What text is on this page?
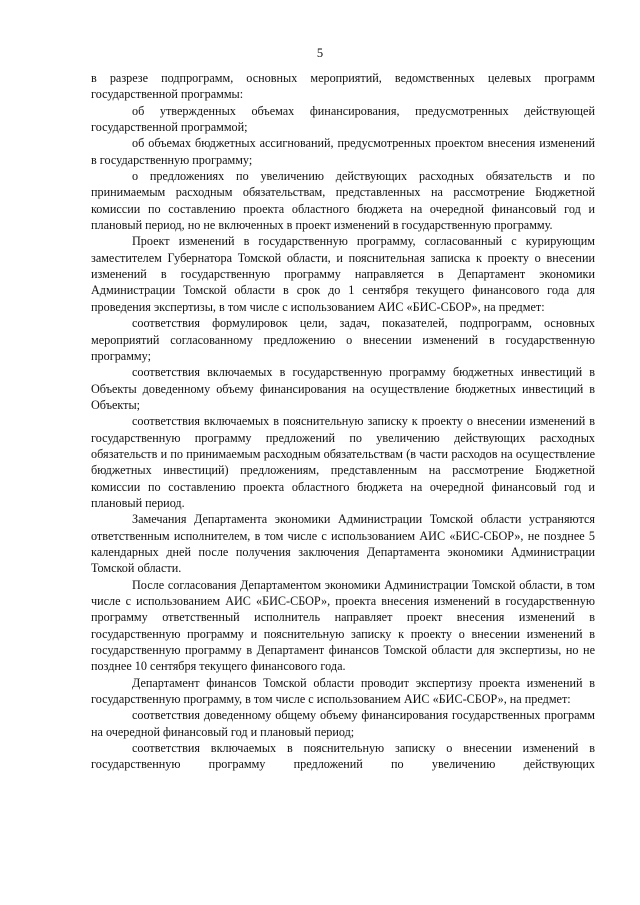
5

в разрезе подпрограмм, основных мероприятий, ведомственных целевых программ государственной программы:

об утвержденных объемах финансирования, предусмотренных действующей государственной программой;

об объемах бюджетных ассигнований, предусмотренных проектом внесения изменений в государственную программу;

о предложениях по увеличению действующих расходных обязательств и по принимаемым расходным обязательствам, представленных на рассмотрение Бюджетной комиссии по составлению проекта областного бюджета на очередной финансовый год и плановый период, но не включенных в проект изменений в государственную программу.

Проект изменений в государственную программу, согласованный с курирующим заместителем Губернатора Томской области, и пояснительная записка к проекту о внесении изменений в государственную программу направляется в Департамент экономики Администрации Томской области в срок до 1 сентября текущего финансового года для проведения экспертизы, в том числе с использованием АИС «БИС-СБОР», на предмет:

соответствия формулировок цели, задач, показателей, подпрограмм, основных мероприятий согласованному предложению о внесении изменений в государственную программу;

соответствия включаемых в государственную программу бюджетных инвестиций в Объекты доведенному объему финансирования на осуществление бюджетных инвестиций в Объекты;

соответствия включаемых в пояснительную записку к проекту о внесении изменений в государственную программу предложений по увеличению действующих расходных обязательств и по принимаемым расходным обязательствам (в части расходов на осуществление бюджетных инвестиций) предложениям, представленным на рассмотрение Бюджетной комиссии по составлению проекта областного бюджета на очередной финансовый год и плановый период.

Замечания Департамента экономики Администрации Томской области устраняются ответственным исполнителем, в том числе с использованием АИС «БИС-СБОР», не позднее 5 календарных дней после получения заключения Департамента экономики Администрации Томской области.

После согласования Департаментом экономики Администрации Томской области, в том числе с использованием АИС «БИС-СБОР», проекта внесения изменений в государственную программу ответственный исполнитель направляет проект внесения изменений в государственную программу и пояснительную записку к проекту о внесении изменений в государственную программу в Департамент финансов Томской области для экспертизы, но не позднее 10 сентября текущего финансового года.

Департамент финансов Томской области проводит экспертизу проекта изменений в государственную программу, в том числе с использованием АИС «БИС-СБОР», на предмет:

соответствия доведенному общему объему финансирования государственных программ на очередной финансовый год и плановый период;

соответствия включаемых в пояснительную записку о внесении изменений в государственную программу предложений по увеличению действующих
